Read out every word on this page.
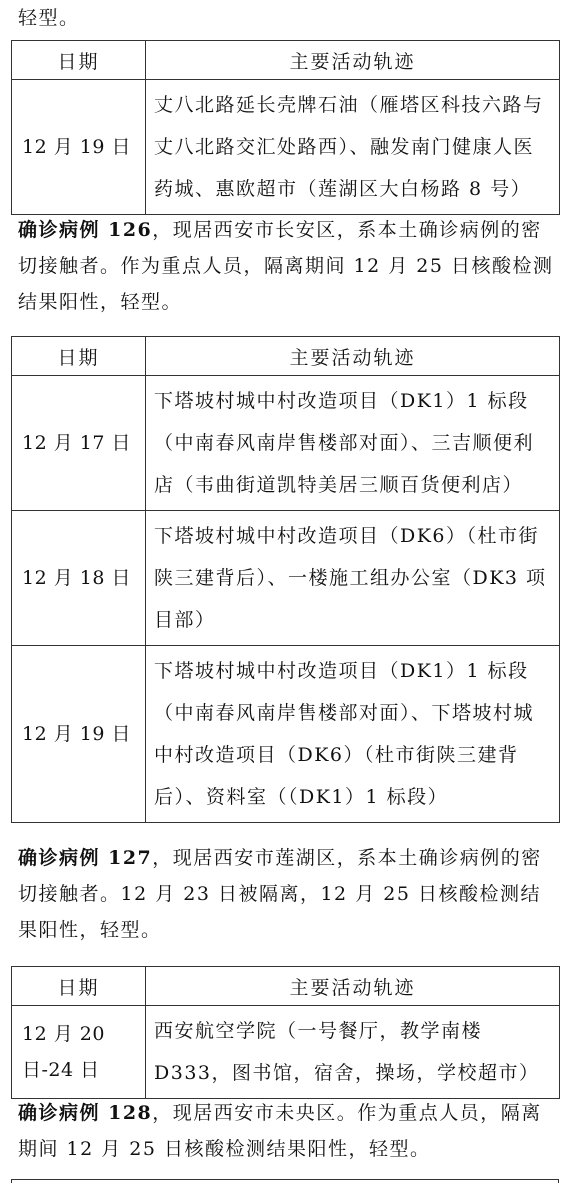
轻型。

日期	主要活动轨迹
12 月 19 日	丈八北路延长壳牌石油（雁塔区科技六路与丈八北路交汇处路西）、融发南门健康人医药城、惠欧超市（莲湖区大白杨路 8 号）

确诊病例 126，现居西安市长安区，系本土确诊病例的密切接触者。作为重点人员，隔离期间 12 月 25 日核酸检测结果阳性，轻型。

日期	主要活动轨迹
12 月 17 日	下塔坡村城中村改造项目（DK1）1 标段（中南春风南岸售楼部对面）、三吉顺便利店（韦曲街道凯特美居三顺百货便利店）
12 月 18 日	下塔坡村城中村改造项目（DK6）（杜市街陕三建背后）、一楼施工组办公室（DK3 项目部）
12 月 19 日	下塔坡村城中村改造项目（DK1）1 标段（中南春风南岸售楼部对面）、下塔坡村城中村改造项目（DK6）（杜市街陕三建背后）、资料室（（DK1）1 标段）

确诊病例 127，现居西安市莲湖区，系本土确诊病例的密切接触者。12 月 23 日被隔离，12 月 25 日核酸检测结果阳性，轻型。

日期	主要活动轨迹
12 月 20 日-24 日	西安航空学院（一号餐厅，教学南楼 D333，图书馆，宿舍，操场，学校超市）

确诊病例 128，现居西安市未央区。作为重点人员，隔离期间 12 月 25 日核酸检测结果阳性，轻型。
